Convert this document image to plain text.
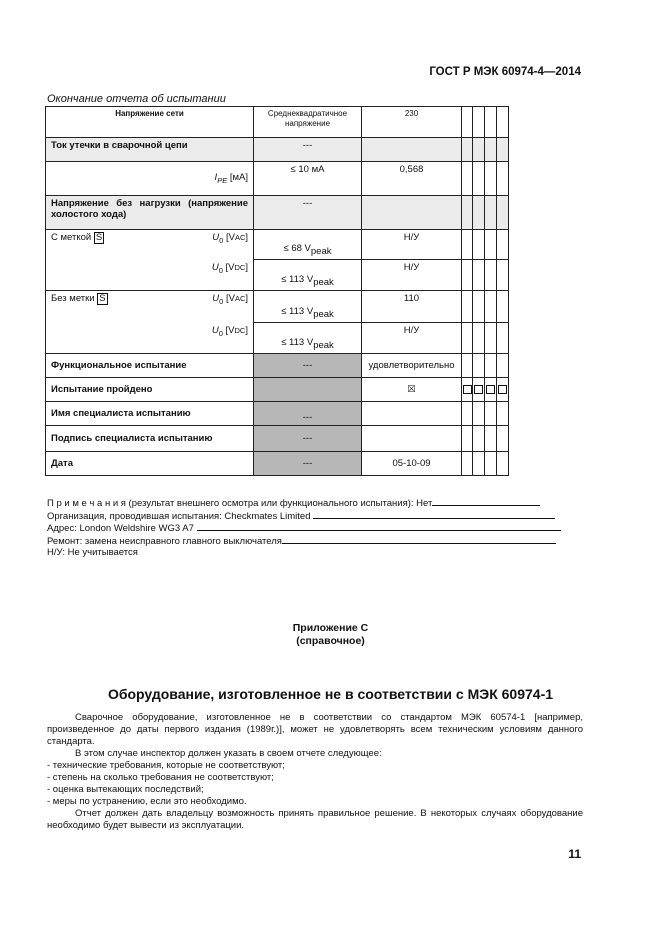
ГОСТ Р МЭК 60974-4—2014
Окончание отчета об испытании
Напряжение сети	Среднеквадратичное напряжение	230				
Ток утечки в сварочной цепи	---					
$I_{PE}$ [мА]	≤ 10 мА	0,568				
Напряжение без нагрузки (напряжение холостого хода)	---					
С меткой S $U_0$ [VAC]	≤ 68 Vpeak	Н/У				
$U_0$ [VDC]	≤ 113 Vpeak	Н/У				
Без метки S $U_0$ [VAC]	≤ 113 Vpeak	110				
$U_0$ [VDC]	≤ 113 Vpeak	Н/У				
Функциональное испытание	---	удовлетворительно				
Испытание пройдено		☒				
Имя специалиста испытанию	---					
Подпись специалиста испытанию	---					
Дата	---	05-10-09				
П р и м е ч а н и я (результат внешнего осмотра или функционального испытания): Нет
Организация, проводившая испытания: Checkmates Limited
Адрес: London Weldshire WG3 A7
Ремонт: замена неисправного главного выключателя
Н/У: Не учитывается
Приложение С
(справочное)
Оборудование, изготовленное не в соответствии с МЭК 60974-1

Сварочное оборудование, изготовленное не в соответствии со стандартом МЭК 60574-1 [например, произведенное до даты первого издания (1989г.)], может не удовлетворять всем техническим условиям данного стандарта.

В этом случае инспектор должен указать в своем отчете следующее:

- технические требования, которые не соответствуют;

- степень на сколько требования не соответствуют;

- оценка вытекающих последствий;

- меры по устранению, если это необходимо.

Отчет должен дать владельцу возможность принять правильное решение. В некоторых случаях оборудование необходимо будет вывести из эксплуатации.

11
